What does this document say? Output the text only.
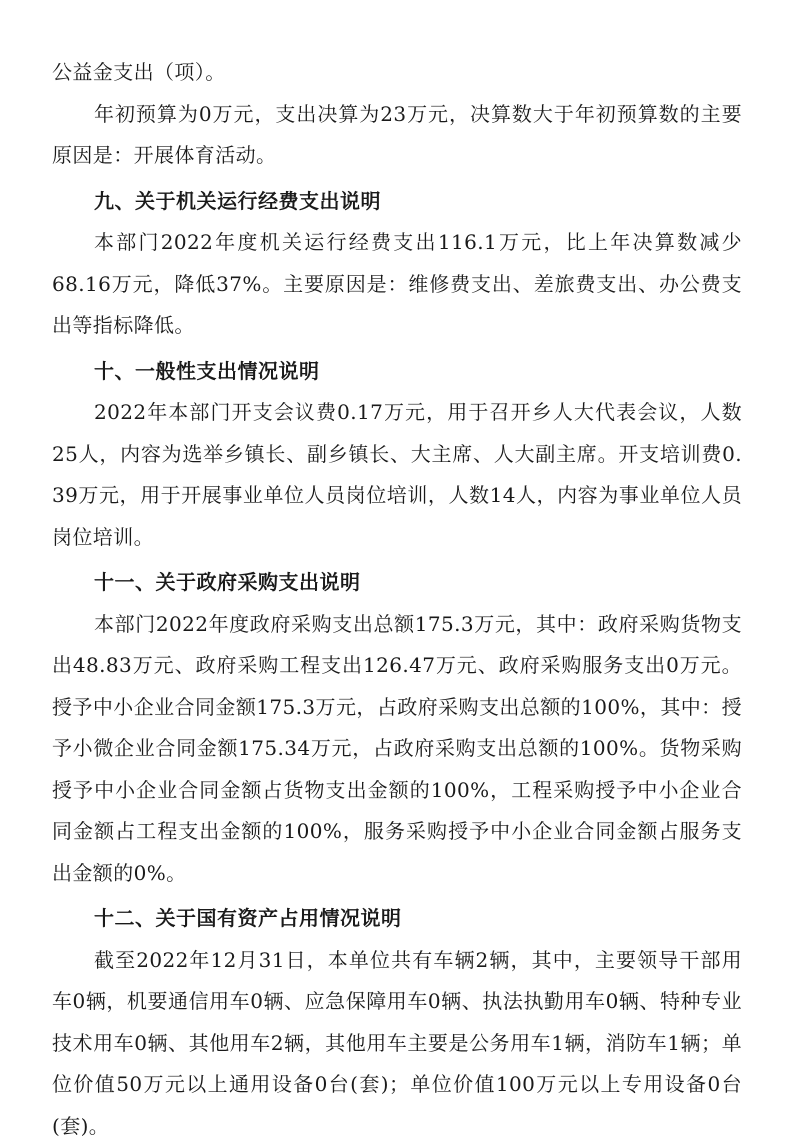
公益金支出（项）。

年初预算为0万元，支出决算为23万元，决算数大于年初预算数的主要原因是：开展体育活动。

九、关于机关运行经费支出说明

本部门2022年度机关运行经费支出116.1万元，比上年决算数减少68.16万元，降低37%。主要原因是：维修费支出、差旅费支出、办公费支出等指标降低。

十、一般性支出情况说明

2022年本部门开支会议费0.17万元，用于召开乡人大代表会议，人数25人，内容为选举乡镇长、副乡镇长、大主席、人大副主席。开支培训费0. 39万元，用于开展事业单位人员岗位培训，人数14人，内容为事业单位人员岗位培训。

十一、关于政府采购支出说明

本部门2022年度政府采购支出总额175.3万元，其中：政府采购货物支出48.83万元、政府采购工程支出126.47万元、政府采购服务支出0万元。授予中小企业合同金额175.3万元，占政府采购支出总额的100%，其中：授予小微企业合同金额175.34万元，占政府采购支出总额的100%。货物采购授予中小企业合同金额占货物支出金额的100%，工程采购授予中小企业合同金额占工程支出金额的100%，服务采购授予中小企业合同金额占服务支出金额的0%。

十二、关于国有资产占用情况说明

截至2022年12月31日，本单位共有车辆2辆，其中，主要领导干部用车0辆，机要通信用车0辆、应急保障用车0辆、执法执勤用车0辆、特种专业技术用车0辆、其他用车2辆，其他用车主要是公务用车1辆，消防车1辆；单位价值50万元以上通用设备0台(套)；单位价值100万元以上专用设备0台(套)。
